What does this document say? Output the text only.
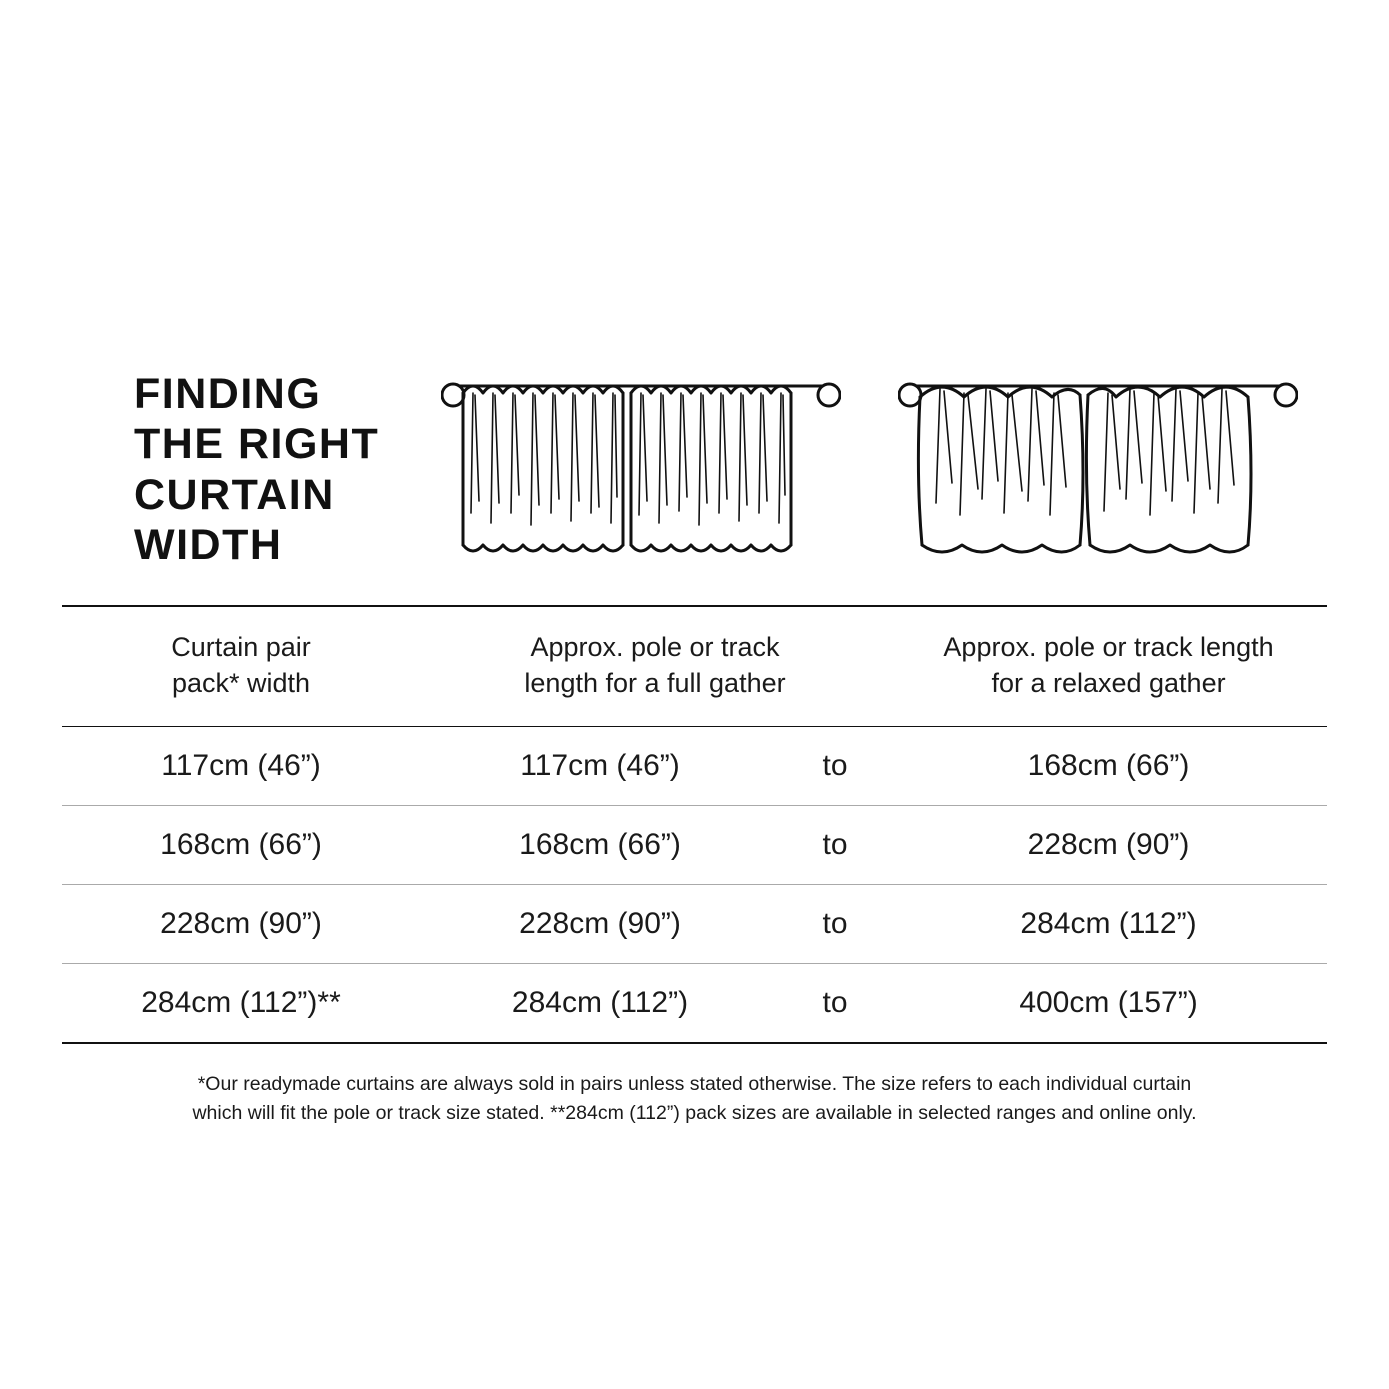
FINDING
THE RIGHT
CURTAIN
WIDTH
Curtain pair
pack* width

Approx. pole or track
length for a full gather

Approx. pole or track length
for a relaxed gather

117cm (46”)	117cm (46”)	to	168cm (66”)
168cm (66”)	168cm (66”)	to	228cm (90”)
228cm (90”)	228cm (90”)	to	284cm (112”)
284cm (112”)**	284cm (112”)	to	400cm (157”)

*Our readymade curtains are always sold in pairs unless stated otherwise. The size refers to each individual curtain

which will fit the pole or track size stated. **284cm (112”) pack sizes are available in selected ranges and online only.
